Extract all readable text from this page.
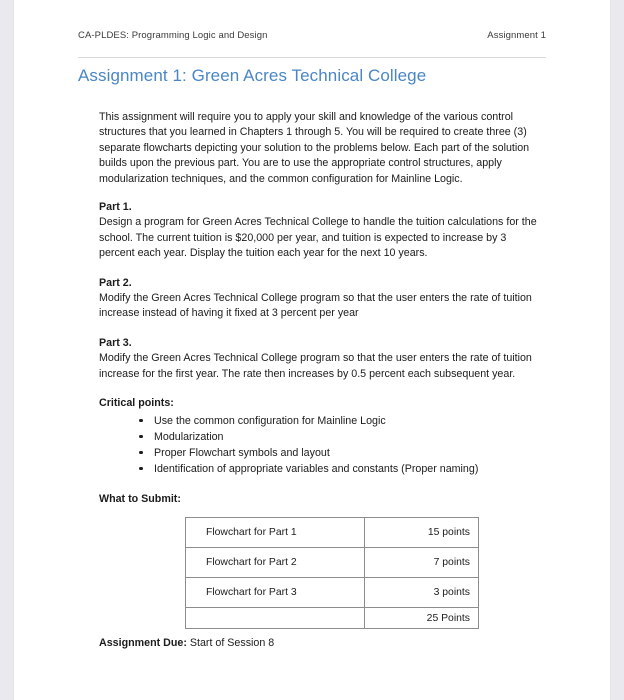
CA-PLDES: Programming Logic and Design	Assignment 1
Assignment 1: Green Acres Technical College

This assignment will require you to apply your skill and knowledge of the various control structures that you learned in Chapters 1 through 5. You will be required to create three (3) separate flowcharts depicting your solution to the problems below. Each part of the solution builds upon the previous part. You are to use the appropriate control structures, apply modularization techniques, and the common configuration for Mainline Logic.

Part 1.

Design a program for Green Acres Technical College to handle the tuition calculations for the school. The current tuition is $20,000 per year, and tuition is expected to increase by 3 percent each year. Display the tuition each year for the next 10 years.

Part 2.

Modify the Green Acres Technical College program so that the user enters the rate of tuition increase instead of having it fixed at 3 percent per year

Part 3.

Modify the Green Acres Technical College program so that the user enters the rate of tuition increase for the first year. The rate then increases by 0.5 percent each subsequent year.

Critical points:

Use the common configuration for Mainline Logic
Modularization
Proper Flowchart symbols and layout
Identification of appropriate variables and constants (Proper naming)

What to Submit:

Flowchart for Part 1	15 points
Flowchart for Part 2	7 points
Flowchart for Part 3	3 points
	25 Points
Assignment Due: Start of Session 8
